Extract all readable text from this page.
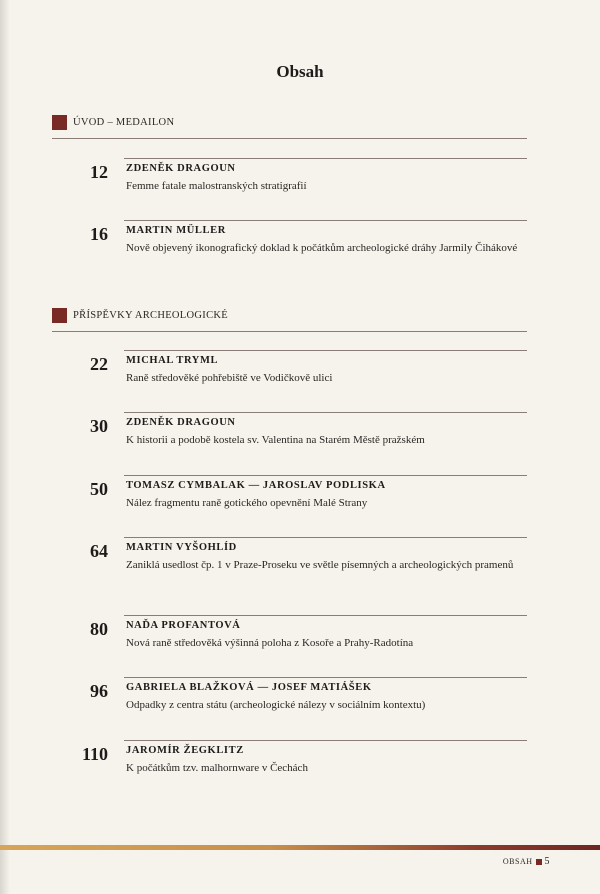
Obsah
ÚVOD – MEDAILON
12 ZDENĚK DRAGOUN
Femme fatale malostranských stratigrafií
16 MARTIN MÜLLER
Nově objevený ikonografický doklad k počátkům archeologické dráhy Jarmily Čihákové
PŘÍSPĚVKY ARCHEOLOGICKÉ
22 MICHAL TRYML
Raně středověké pohřebiště ve Vodičkově ulici
30 ZDENĚK DRAGOUN
K historii a podobě kostela sv. Valentina na Starém Městě pražském
50 TOMASZ CYMBALAK — JAROSLAV PODLISKA
Nález fragmentu raně gotického opevnění Malé Strany
64 MARTIN VYŠOHLÍD
Zaniklá usedlost čp. 1 v Praze-Proseku ve světle písemných a archeologických pramenů
80 NAĎA PROFANTOVÁ
Nová raně středověká výšinná poloha z Kosoře a Prahy-Radotína
96 GABRIELA BLAŽKOVÁ — JOSEF MATIÁŠEK
Odpadky z centra státu (archeologické nálezy v sociálním kontextu)
110 JAROMÍR ŽEGKLITZ
K počátkům tzv. malhornware v Čechách
OBSAH 5
